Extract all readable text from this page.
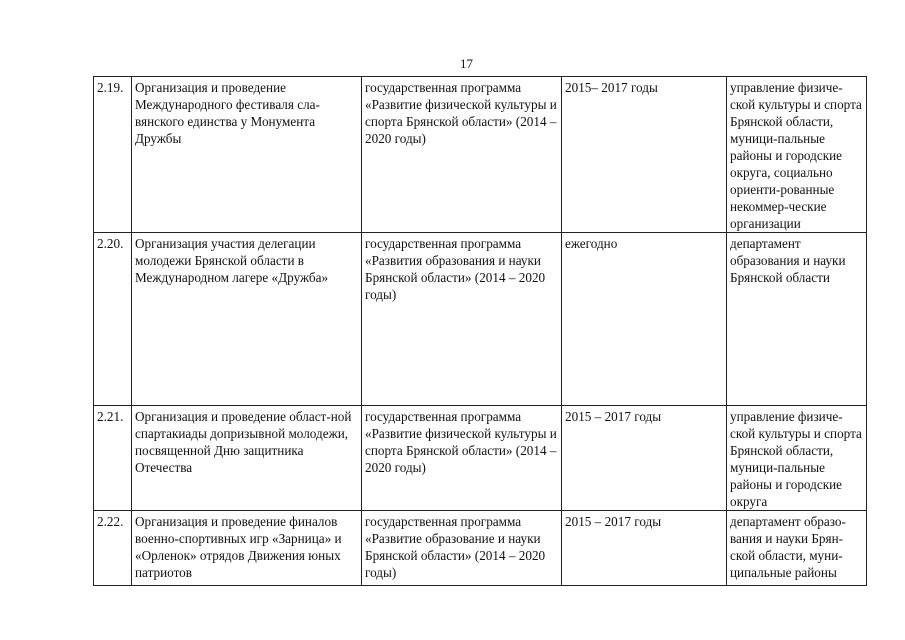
17
2.19.	Организация и проведение Международного фестиваля сла-вянского единства у Монумента Дружбы	государственная программа «Развитие физической культуры и спорта Брянской области» (2014 – 2020 годы)	2015– 2017 годы	управление физиче-ской культуры и спорта Брянской области, муници-пальные районы и городские округа, социально ориенти-рованные некоммер-ческие организации
2.20.	Организация участия делегации молодежи Брянской области в Международном лагере «Дружба»	государственная программа «Развития образования и науки Брянской области» (2014 – 2020 годы)	ежегодно	департамент образования и науки Брянской области
2.21.	Организация и проведение област-ной спартакиады допризывной молодежи, посвященной Дню защитника Отечества	государственная программа «Развитие физической культуры и спорта Брянской области» (2014 – 2020 годы)	2015 – 2017 годы	управление физиче-ской культуры и спорта Брянской области, муници-пальные районы и городские округа
2.22.	Организация и проведение финалов военно-спортивных игр «Зарница» и «Орленок» отрядов Движения юных патриотов	государственная программа «Развитие образование и науки Брянской области» (2014 – 2020 годы)	2015 – 2017 годы	департамент образо-вания и науки Брян-ской области, муни-ципальные районы
